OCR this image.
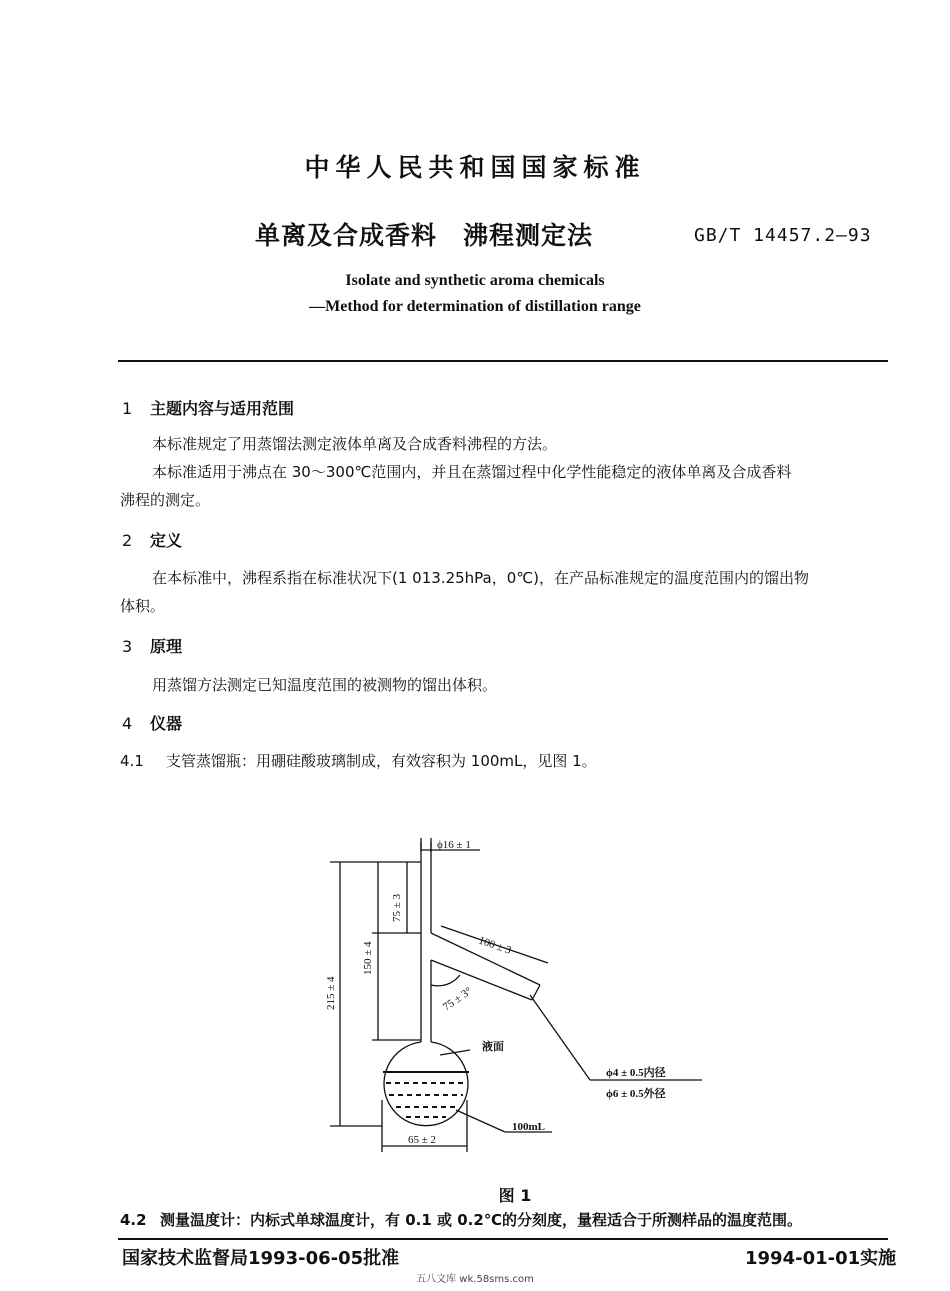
中华人民共和国国家标准
单离及合成香料　沸程测定法	GB/T 14457.2—93
Isolate and synthetic aroma chemicals
—Method for determination of distillation range
1 主题内容与适用范围
本标准规定了用蒸馏法测定液体单离及合成香料沸程的方法。
本标准适用于沸点在 30～300℃范围内，并且在蒸馏过程中化学性能稳定的液体单离及合成香料
沸程的测定。
2 定义
在本标准中，沸程系指在标准状况下(1 013.25hPa，0℃)，在产品标准规定的温度范围内的馏出物
体积。
3 原理
用蒸馏方法测定已知温度范围的被测物的馏出体积。
4 仪器
4.1 支管蒸馏瓶：用硼硅酸玻璃制成，有效容积为 100mL，见图 1。
ϕ16 ± 1
75 ± 3
150 ± 4
215 ± 4
100 ± 3
75 ± 3°
液面
ϕ4 ± 0.5内径
ϕ6 ± 0.5外径
100mL
65 ± 2
图 1
4.2 测量温度计：内标式单球温度计，有 0.1 或 0.2℃的分刻度，量程适合于所测样品的温度范围。
国家技术监督局1993-06-05批准	1994-01-01实施
五八文库 wk.58sms.com
